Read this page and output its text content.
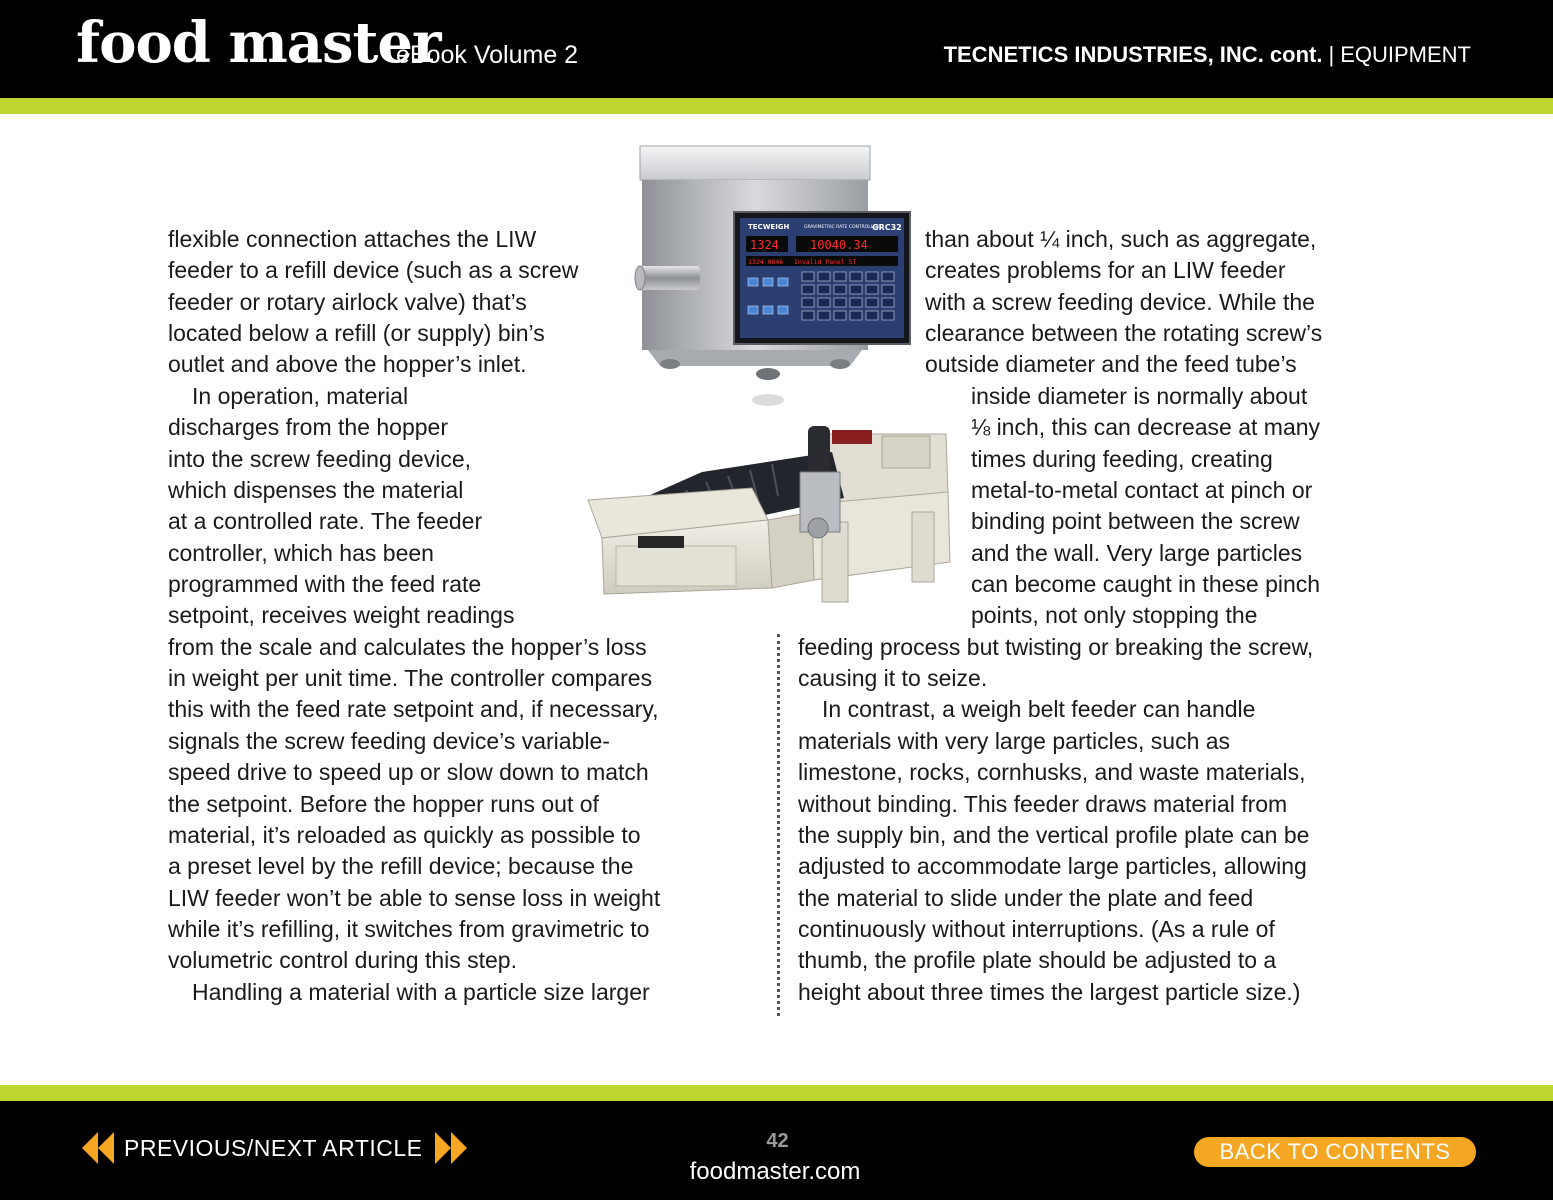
food master
eBook Volume 2	TECNETICS INDUSTRIES, INC. cont. | EQUIPMENT
flexible connection attaches the LIW
feeder to a refill device (such as a screw
feeder or rotary airlock valve) that’s
located below a refill (or supply) bin’s
outlet and above the hopper’s inlet.
In operation, material
discharges from the hopper
into the screw feeding device,
which dispenses the material
at a controlled rate. The feeder
controller, which has been
programmed with the feed rate
setpoint, receives weight readings
from the scale and calculates the hopper’s loss
in weight per unit time. The controller compares
this with the feed rate setpoint and, if necessary,
signals the screw feeding device’s variable-
speed drive to speed up or slow down to match
the setpoint. Before the hopper runs out of
material, it’s reloaded as quickly as possible to
a preset level by the refill device; because the
LIW feeder won’t be able to sense loss in weight
while it’s refilling, it switches from gravimetric to
volumetric control during this step.
Handling a material with a particle size larger
than about ¼ inch, such as aggregate,
creates problems for an LIW feeder
with a screw feeding device. While the
clearance between the rotating screw’s
outside diameter and the feed tube’s
inside diameter is normally about
⅛ inch, this can decrease at many
times during feeding, creating
metal-to-metal contact at pinch or
binding point between the screw
and the wall. Very large particles
can become caught in these pinch
points, not only stopping the
feeding process but twisting or breaking the screw,
causing it to seize.
In contrast, a weigh belt feeder can handle
materials with very large particles, such as
limestone, rocks, cornhusks, and waste materials,
without binding. This feeder draws material from
the supply bin, and the vertical profile plate can be
adjusted to accommodate large particles, allowing
the material to slide under the plate and feed
continuously without interruptions. (As a rule of
thumb, the profile plate should be adjusted to a
height about three times the largest particle size.)
TECWEIGH	GRAVIMETRIC RATE CONTROLLER
GRC32
1324	10040.34
1324 0846 Invalid Panel ST
PREVIOUS/NEXT ARTICLE	42
foodmaster.com
BACK TO CONTENTS
